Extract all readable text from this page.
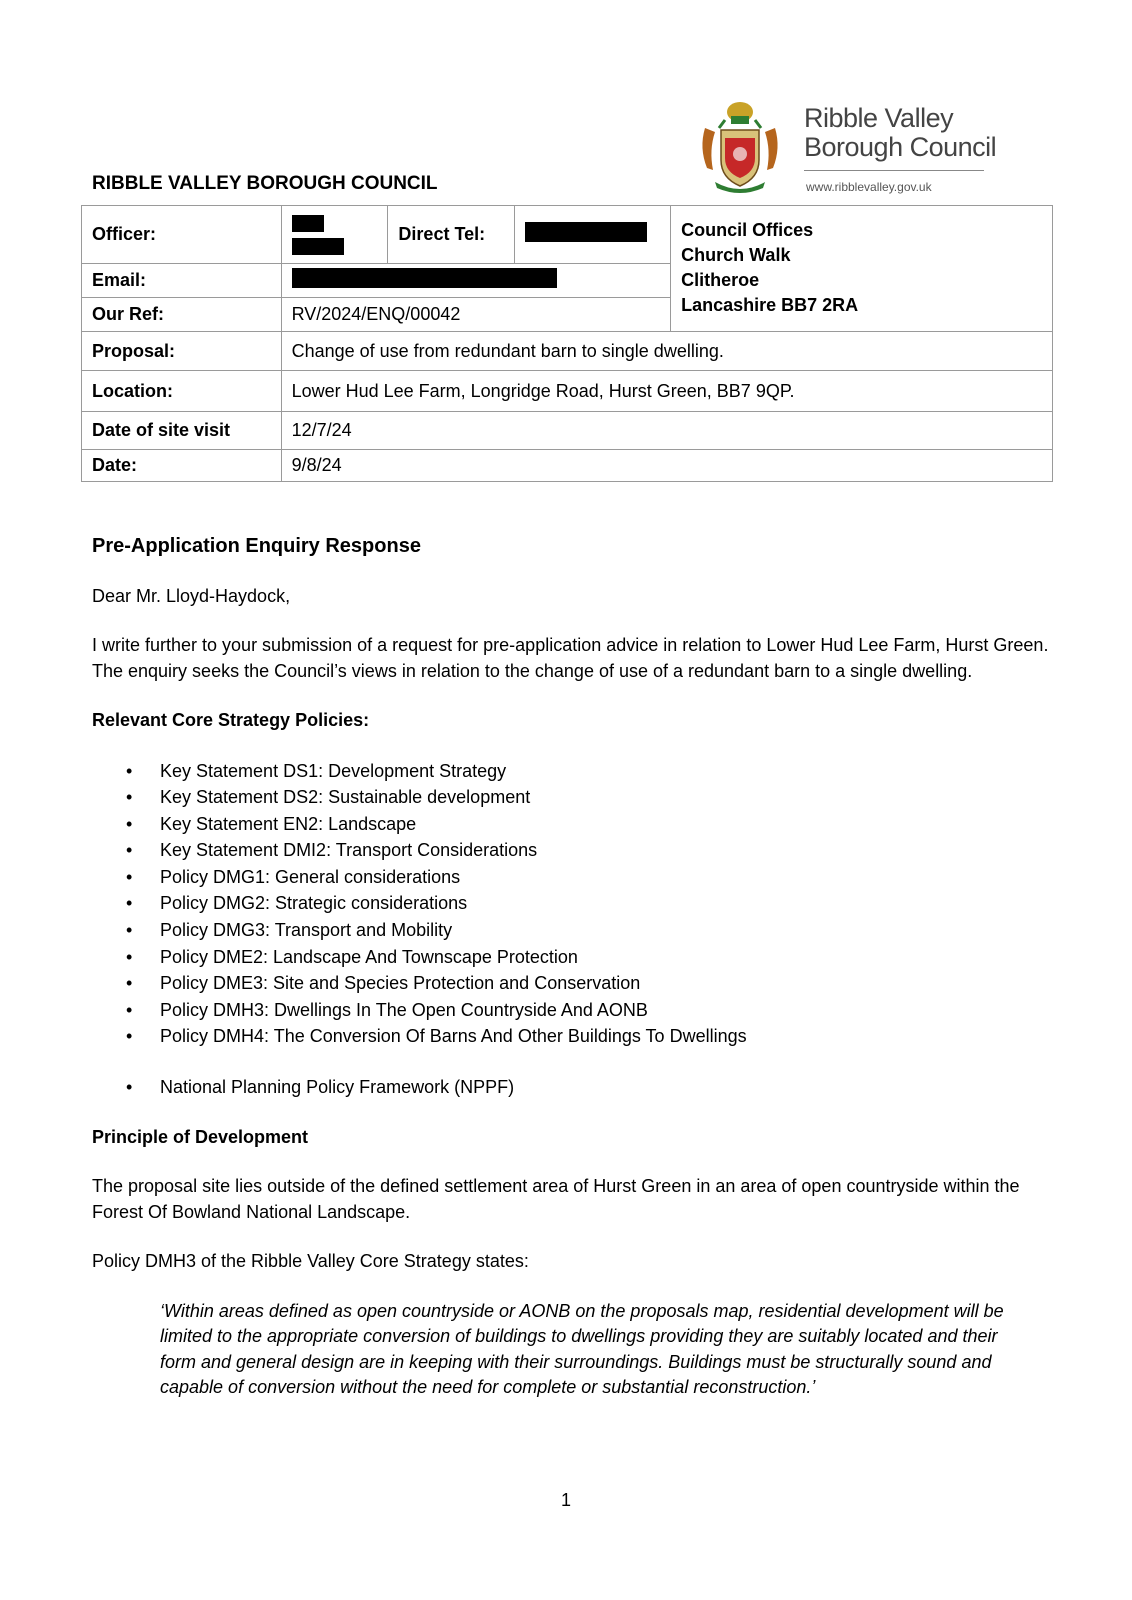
Ribble Valley
Borough Council
www.ribblevalley.gov.uk
RIBBLE VALLEY BOROUGH COUNCIL
Officer:		Direct Tel:		Council Offices
Church Walk
Clitheroe
Lancashire BB7 2RA

Email:				
Our Ref:	RV/2024/ENQ/00042			
Proposal:	Change of use from redundant barn to single dwelling.			
Location:	Lower Hud Lee Farm, Longridge Road, Hurst Green, BB7 9QP.			
Date of site visit	12/7/24			
Date:	9/8/24			

Pre-Application Enquiry Response

Dear Mr. Lloyd-Haydock,

I write further to your submission of a request for pre-application advice in relation to Lower Hud Lee Farm, Hurst Green. The enquiry seeks the Council’s views in relation to the change of use of a redundant barn to a single dwelling.

Relevant Core Strategy Policies:

• Key Statement DS1: Development Strategy
• Key Statement DS2: Sustainable development
• Key Statement EN2: Landscape
• Key Statement DMI2: Transport Considerations
• Policy DMG1: General considerations
• Policy DMG2: Strategic considerations
• Policy DMG3: Transport and Mobility
• Policy DME2: Landscape And Townscape Protection
• Policy DME3: Site and Species Protection and Conservation
• Policy DMH3: Dwellings In The Open Countryside And AONB
• Policy DMH4: The Conversion Of Barns And Other Buildings To Dwellings
• National Planning Policy Framework (NPPF)

Principle of Development

The proposal site lies outside of the defined settlement area of Hurst Green in an area of open countryside within the Forest Of Bowland National Landscape.

Policy DMH3 of the Ribble Valley Core Strategy states:

‘Within areas defined as open countryside or AONB on the proposals map, residential development will be limited to the appropriate conversion of buildings to dwellings providing they are suitably located and their form and general design are in keeping with their surroundings. Buildings must be structurally sound and capable of conversion without the need for complete or substantial reconstruction.’

1
